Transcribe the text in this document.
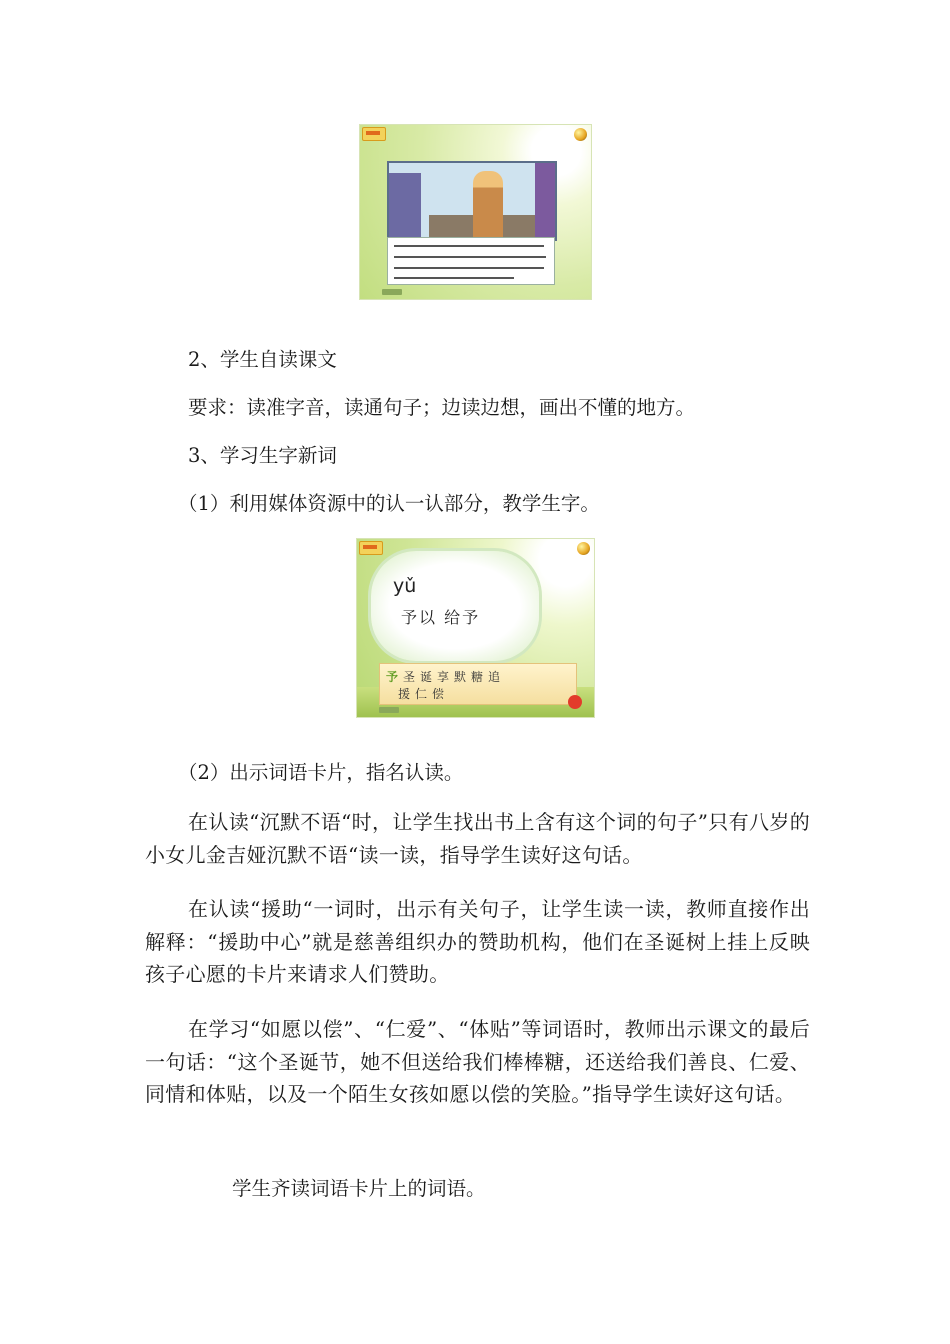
2、学生自读课文

要求：读准字音，读通句子；边读边想，画出不懂的地方。

3、学习生字新词

（1）利用媒体资源中的认一认部分，教学生字。

yǔ
予以 给予
予圣诞享默糖追
援仁偿

（2）出示词语卡片，指名认读。

在认读“沉默不语“时，让学生找出书上含有这个词的句子”只有八岁的小女儿金吉娅沉默不语“读一读，指导学生读好这句话。

在认读“援助“一词时，出示有关句子，让学生读一读，教师直接作出解释：“援助中心”就是慈善组织办的赞助机构，他们在圣诞树上挂上反映孩子心愿的卡片来请求人们赞助。

在学习“如愿以偿”、“仁爱”、“体贴”等词语时，教师出示课文的最后一句话：“这个圣诞节，她不但送给我们棒棒糖，还送给我们善良、仁爱、同情和体贴，以及一个陌生女孩如愿以偿的笑脸。”指导学生读好这句话。

学生齐读词语卡片上的词语。
